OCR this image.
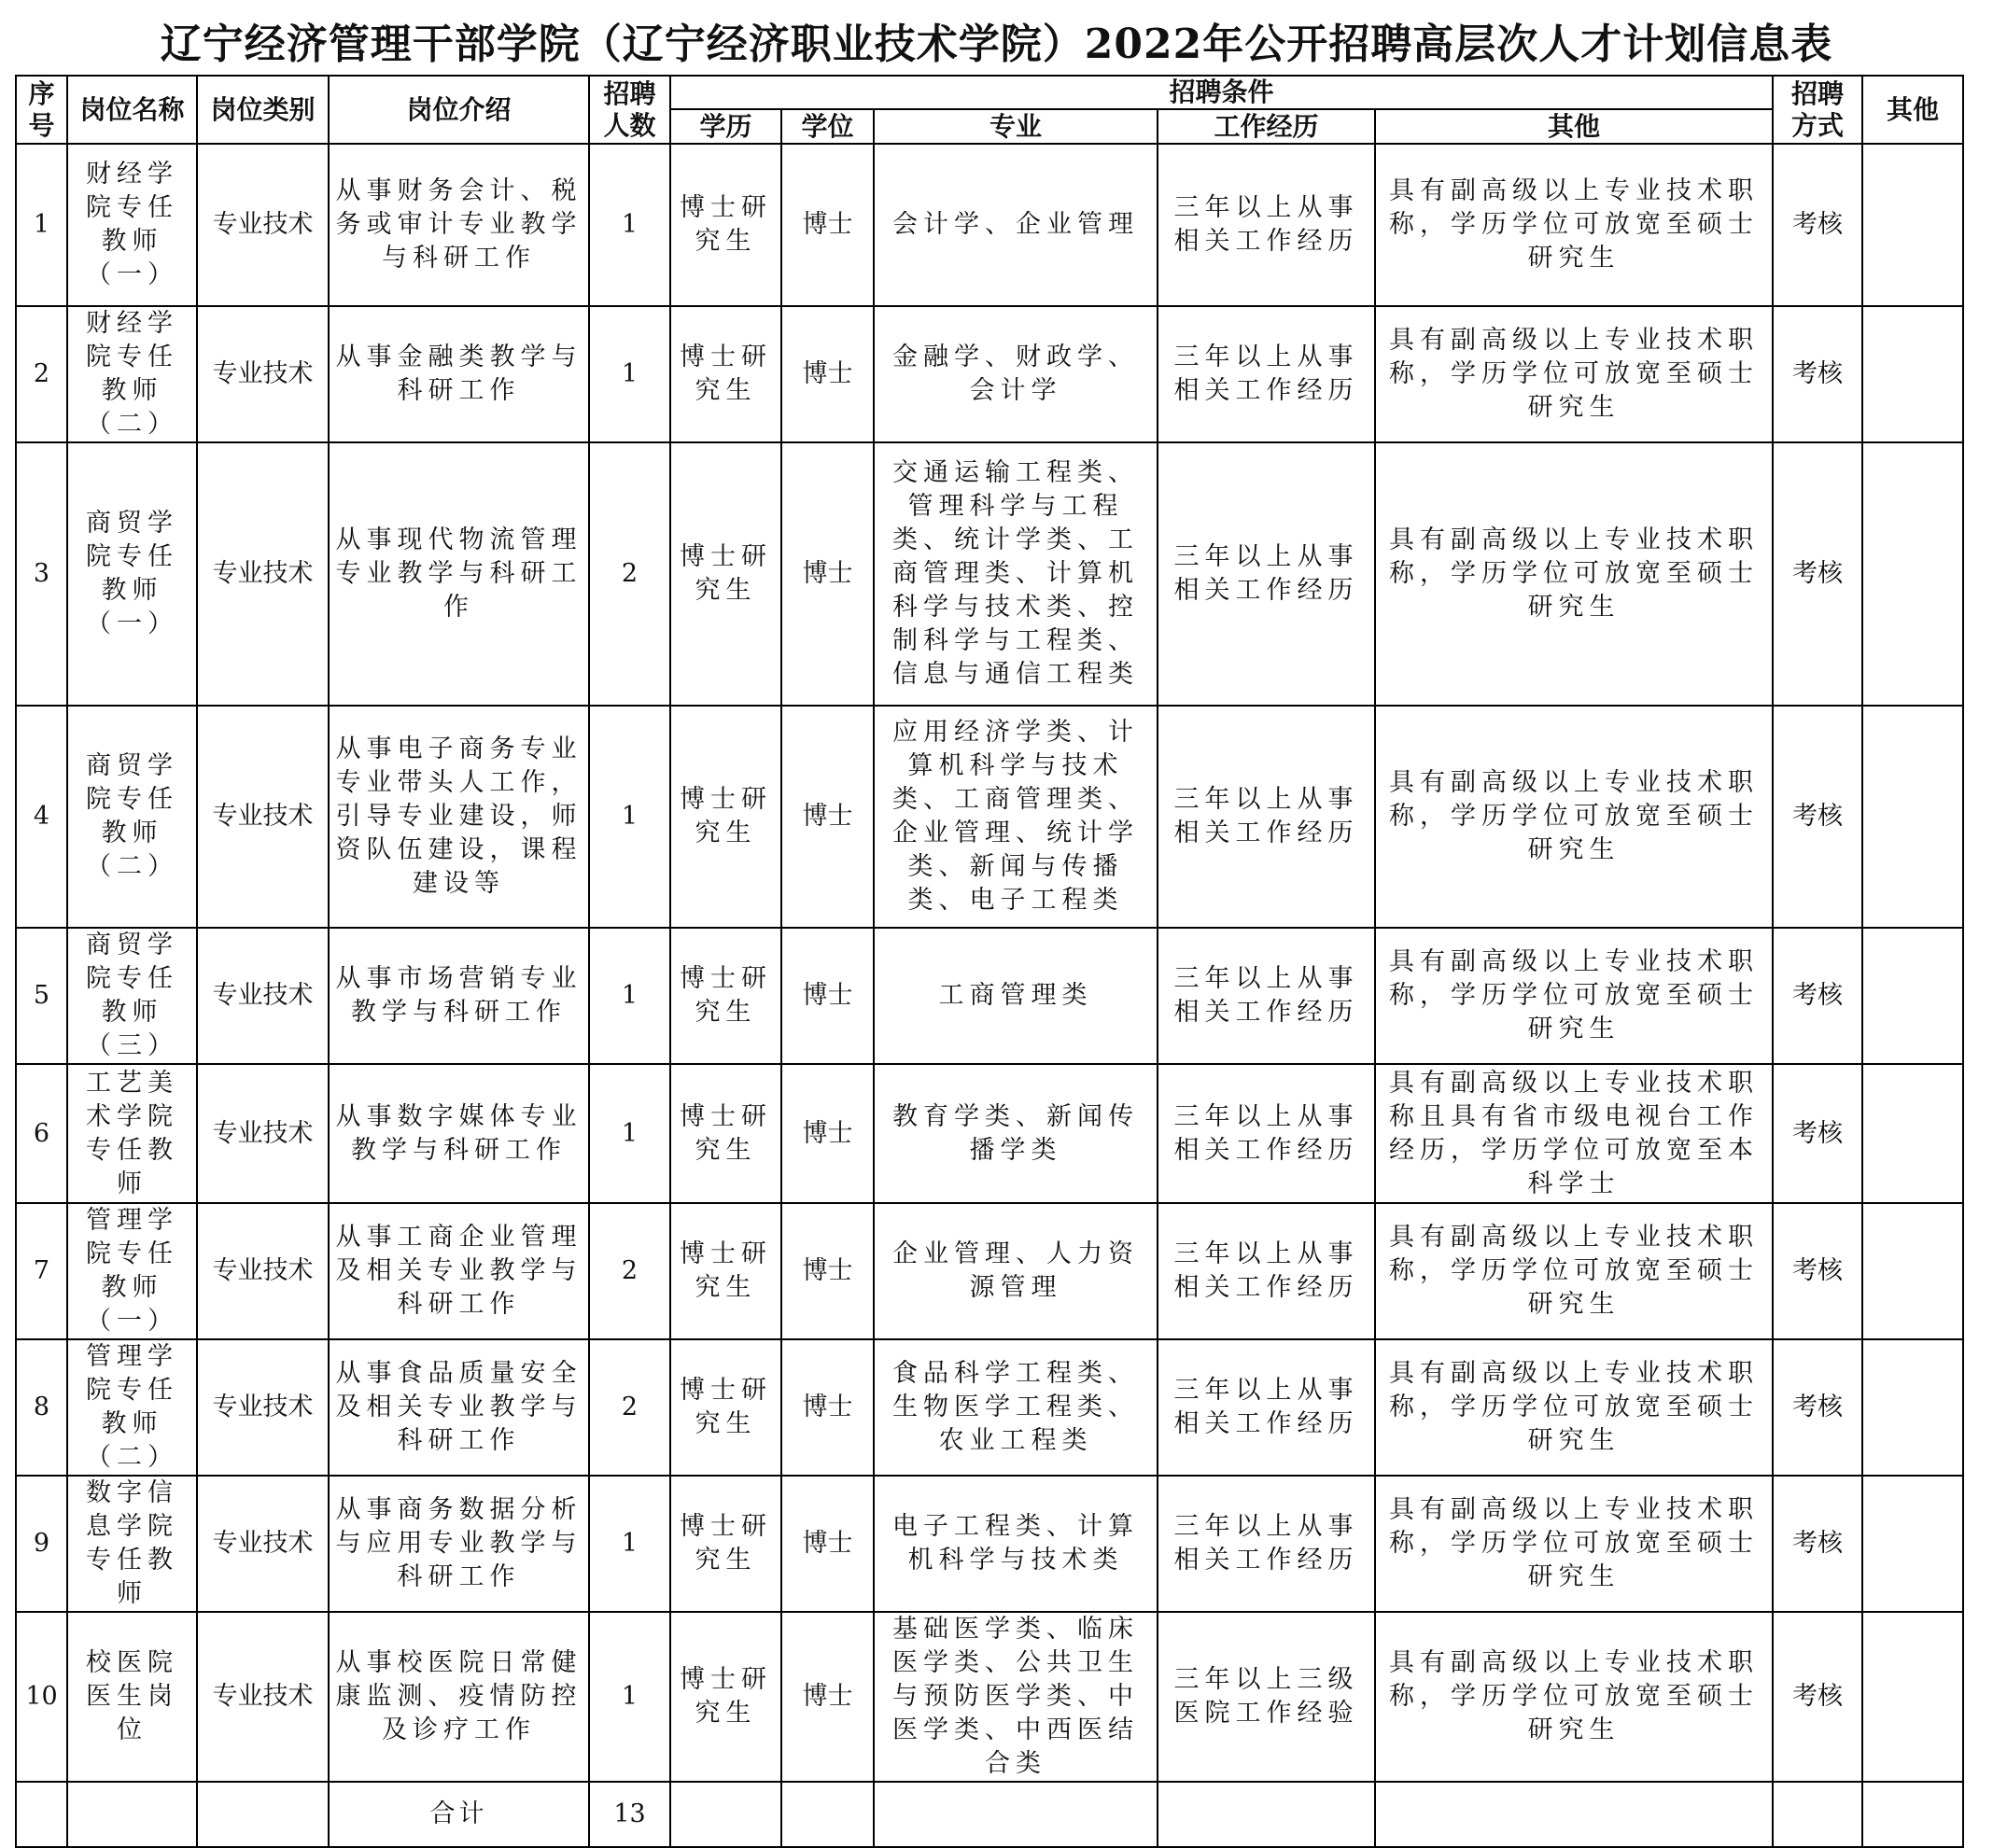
辽宁经济管理干部学院（辽宁经济职业技术学院）2022年公开招聘高层次人才计划信息表
序号	岗位名称	岗位类别	岗位介绍	招聘人数	招聘条件					招聘方式	其他
					学历	学位	专业	工作经历	其他		
1	财经学院专任教师（一）	专业技术	从事财务会计、税务或审计专业教学与科研工作	1	博士研究生	博士	会计学、企业管理	三年以上从事相关工作经历	具有副高级以上专业技术职称，学历学位可放宽至硕士研究生	考核	
2	财经学院专任教师（二）	专业技术	从事金融类教学与科研工作	1	博士研究生	博士	金融学、财政学、会计学	三年以上从事相关工作经历	具有副高级以上专业技术职称，学历学位可放宽至硕士研究生	考核	
3	商贸学院专任教师（一）	专业技术	从事现代物流管理专业教学与科研工作	2	博士研究生	博士	交通运输工程类、管理科学与工程类、统计学类、工商管理类、计算机科学与技术类、控制科学与工程类、信息与通信工程类	三年以上从事相关工作经历	具有副高级以上专业技术职称，学历学位可放宽至硕士研究生	考核	
4	商贸学院专任教师（二）	专业技术	从事电子商务专业专业带头人工作，引导专业建设，师资队伍建设，课程建设等	1	博士研究生	博士	应用经济学类、计算机科学与技术类、工商管理类、企业管理、统计学类、新闻与传播类、电子工程类	三年以上从事相关工作经历	具有副高级以上专业技术职称，学历学位可放宽至硕士研究生	考核	
5	商贸学院专任教师（三）	专业技术	从事市场营销专业教学与科研工作	1	博士研究生	博士	工商管理类	三年以上从事相关工作经历	具有副高级以上专业技术职称，学历学位可放宽至硕士研究生	考核	
6	工艺美术学院专任教师	专业技术	从事数字媒体专业教学与科研工作	1	博士研究生	博士	教育学类、新闻传播学类	三年以上从事相关工作经历	具有副高级以上专业技术职称且具有省市级电视台工作经历，学历学位可放宽至本科学士	考核	
7	管理学院专任教师（一）	专业技术	从事工商企业管理及相关专业教学与科研工作	2	博士研究生	博士	企业管理、人力资源管理	三年以上从事相关工作经历	具有副高级以上专业技术职称，学历学位可放宽至硕士研究生	考核	
8	管理学院专任教师（二）	专业技术	从事食品质量安全及相关专业教学与科研工作	2	博士研究生	博士	食品科学工程类、生物医学工程类、农业工程类	三年以上从事相关工作经历	具有副高级以上专业技术职称，学历学位可放宽至硕士研究生	考核	
9	数字信息学院专任教师	专业技术	从事商务数据分析与应用专业教学与科研工作	1	博士研究生	博士	电子工程类、计算机科学与技术类	三年以上从事相关工作经历	具有副高级以上专业技术职称，学历学位可放宽至硕士研究生	考核	
10	校医院医生岗位	专业技术	从事校医院日常健康监测、疫情防控及诊疗工作	1	博士研究生	博士	基础医学类、临床医学类、公共卫生与预防医学类、中医学类、中西医结合类	三年以上三级医院工作经验	具有副高级以上专业技术职称，学历学位可放宽至硕士研究生	考核	
			合计	13							
